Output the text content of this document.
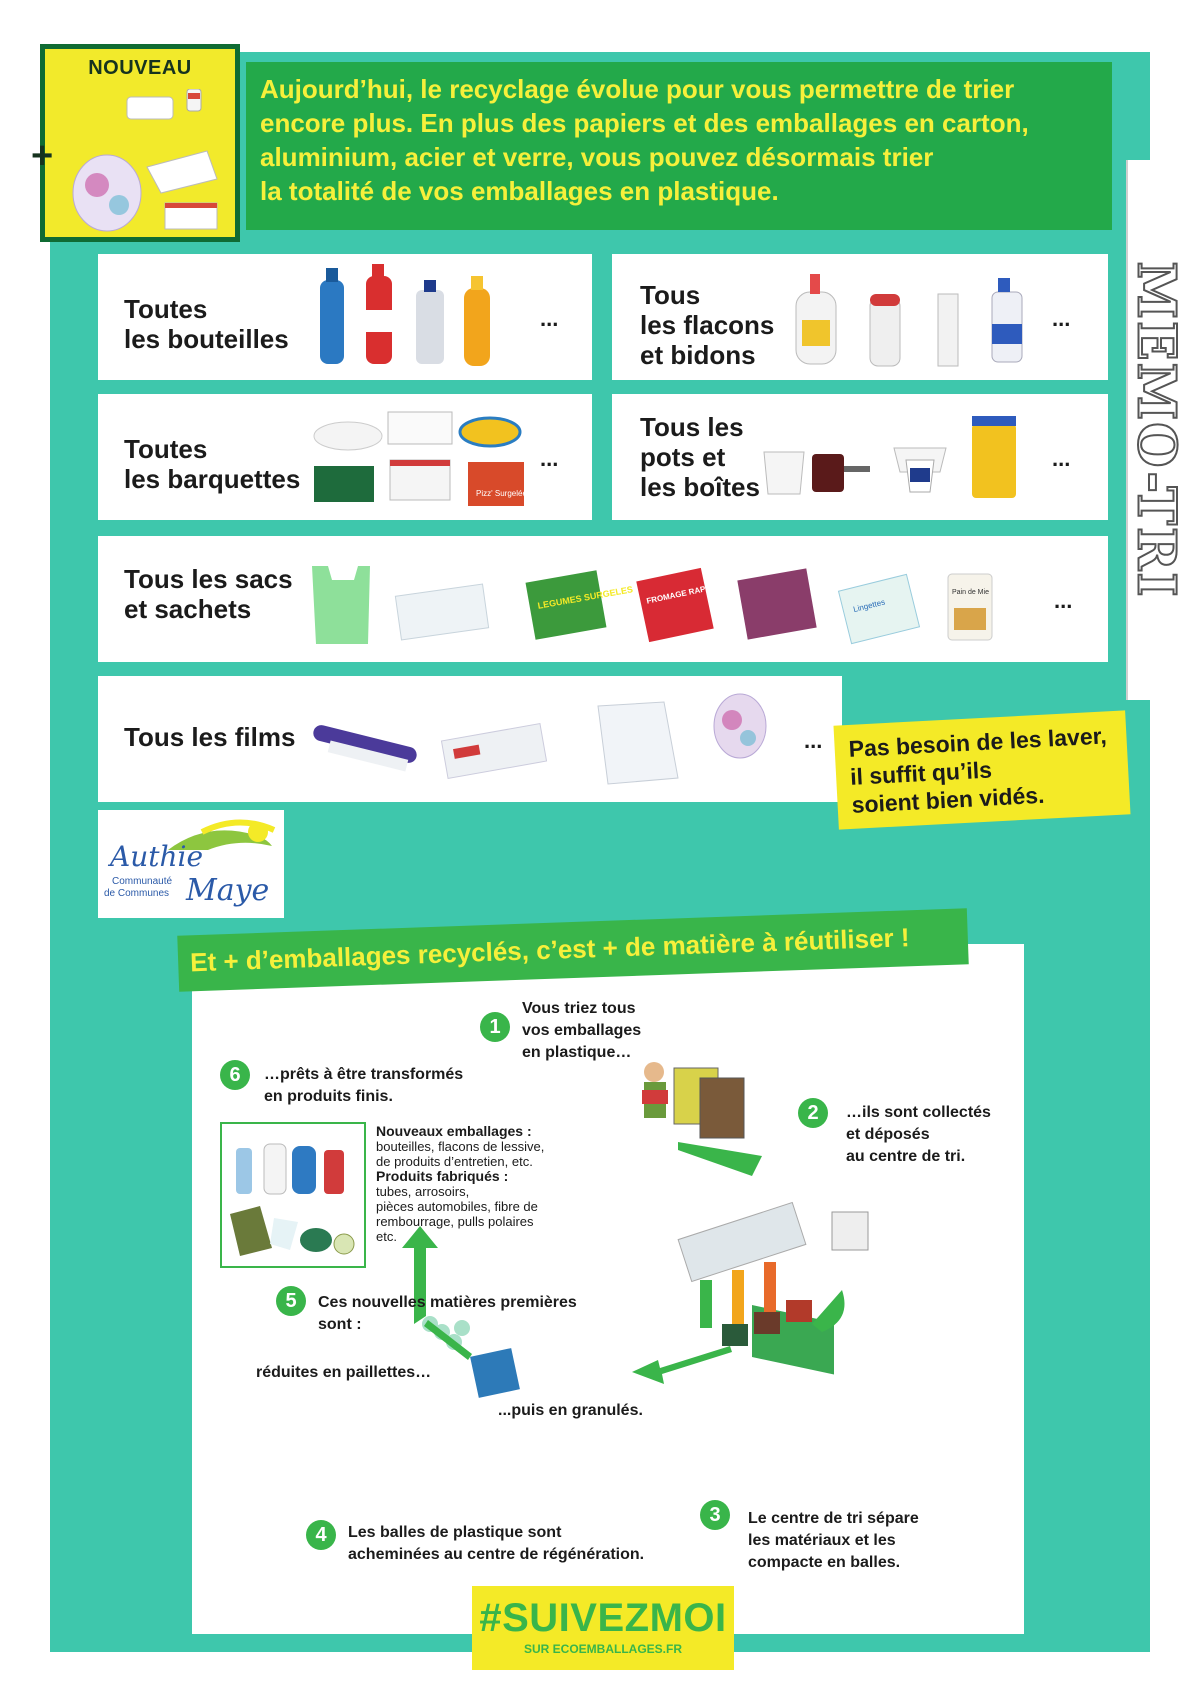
NOUVEAU
+
Aujourd’hui, le recyclage évolue pour vous permettre de trier
encore plus. En plus des papiers et des emballages en carton,
aluminium, acier et verre, vous pouvez désormais trier
la totalité de vos emballages en plastique.
MEMO-TRI
Toutes
les bouteilles
...
Tous
les flacons
et bidons
...
Toutes
les barquettes	Pizz' Surgelée
...
Tous les
pots et
les boîtes
...
Tous les sacs
et sachets	LEGUMES SURGELES FROMAGE RAPE
Lingettes
Pain de Mie	...
Tous les films	... Pas besoin de les laver,
il suffit qu’ils
soient bien vidés.
Authie
Communauté
de Communes Maye
Et + d’emballages recyclés, c’est + de matière à réutiliser !
1
Vous triez tous
vos emballages
en plastique…
2	…ils sont collectés
et déposés
au centre de tri.
3	Le centre de tri sépare
les matériaux et les
compacte en balles.
4	Les balles de plastique sont
acheminées au centre de régénération.
5	Ces nouvelles matières premières
sont :
réduites en paillettes…
...puis en granulés.
6	…prêts à être transformés
en produits finis.
Nouveaux emballages :
bouteilles, flacons de lessive,
de produits d’entretien, etc.
Produits fabriqués :
tubes, arrosoirs,
pièces automobiles, fibre de
rembourrage, pulls polaires
etc.
#SUIVEZMOI
SUR ECOEMBALLAGES.FR
